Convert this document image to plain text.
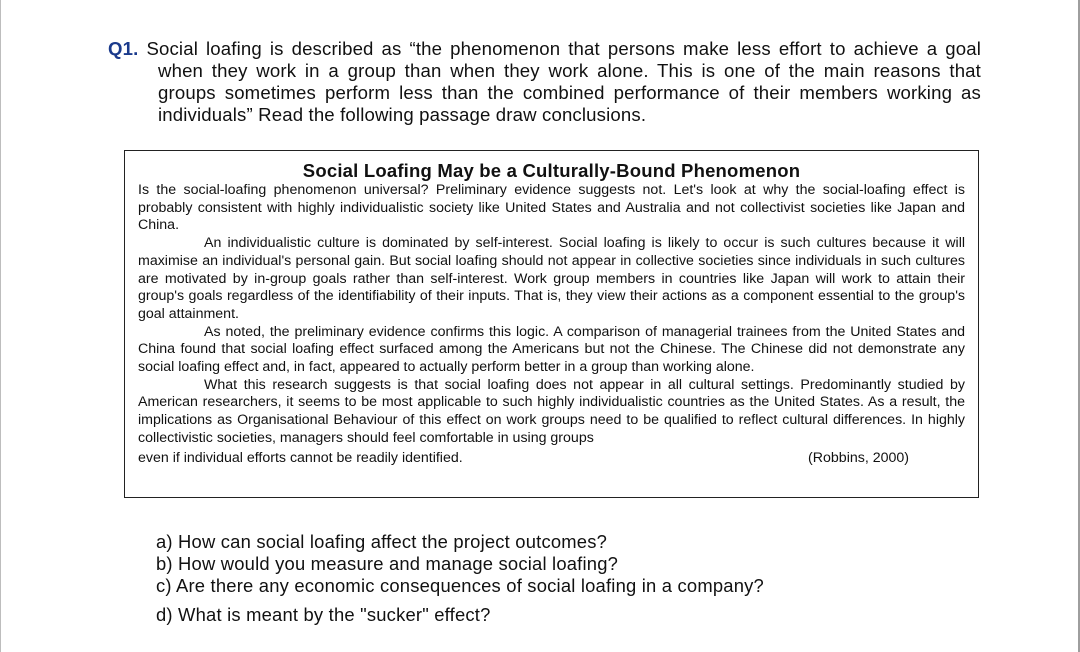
Q1. Social loafing is described as “the phenomenon that persons make less effort to achieve a goal when they work in a group than when they work alone. This is one of the main reasons that groups sometimes perform less than the combined performance of their members working as individuals” Read the following passage draw conclusions.

Social Loafing May be a Culturally-Bound Phenomenon

Is the social-loafing phenomenon universal? Preliminary evidence suggests not. Let's look at why the social-loafing effect is probably consistent with highly individualistic society like United States and Australia and not collectivist societies like Japan and China.

An individualistic culture is dominated by self-interest. Social loafing is likely to occur is such cultures because it will maximise an individual's personal gain. But social loafing should not appear in collective societies since individuals in such cultures are motivated by in-group goals rather than self-interest. Work group members in countries like Japan will work to attain their group's goals regardless of the identifiability of their inputs. That is, they view their actions as a component essential to the group's goal attainment.

As noted, the preliminary evidence confirms this logic. A comparison of managerial trainees from the United States and China found that social loafing effect surfaced among the Americans but not the Chinese. The Chinese did not demonstrate any social loafing effect and, in fact, appeared to actually perform better in a group than working alone.

What this research suggests is that social loafing does not appear in all cultural settings. Predominantly studied by American researchers, it seems to be most applicable to such highly individualistic countries as the United States. As a result, the implications as Organisational Behaviour of this effect on work groups need to be qualified to reflect cultural differences. In highly collectivistic societies, managers should feel comfortable in using groups

even if individual efforts cannot be readily identified.	(Robbins, 2000)

a) How can social loafing affect the project outcomes?

b) How would you measure and manage social loafing?

c) Are there any economic consequences of social loafing in a company?

d) What is meant by the "sucker" effect?
